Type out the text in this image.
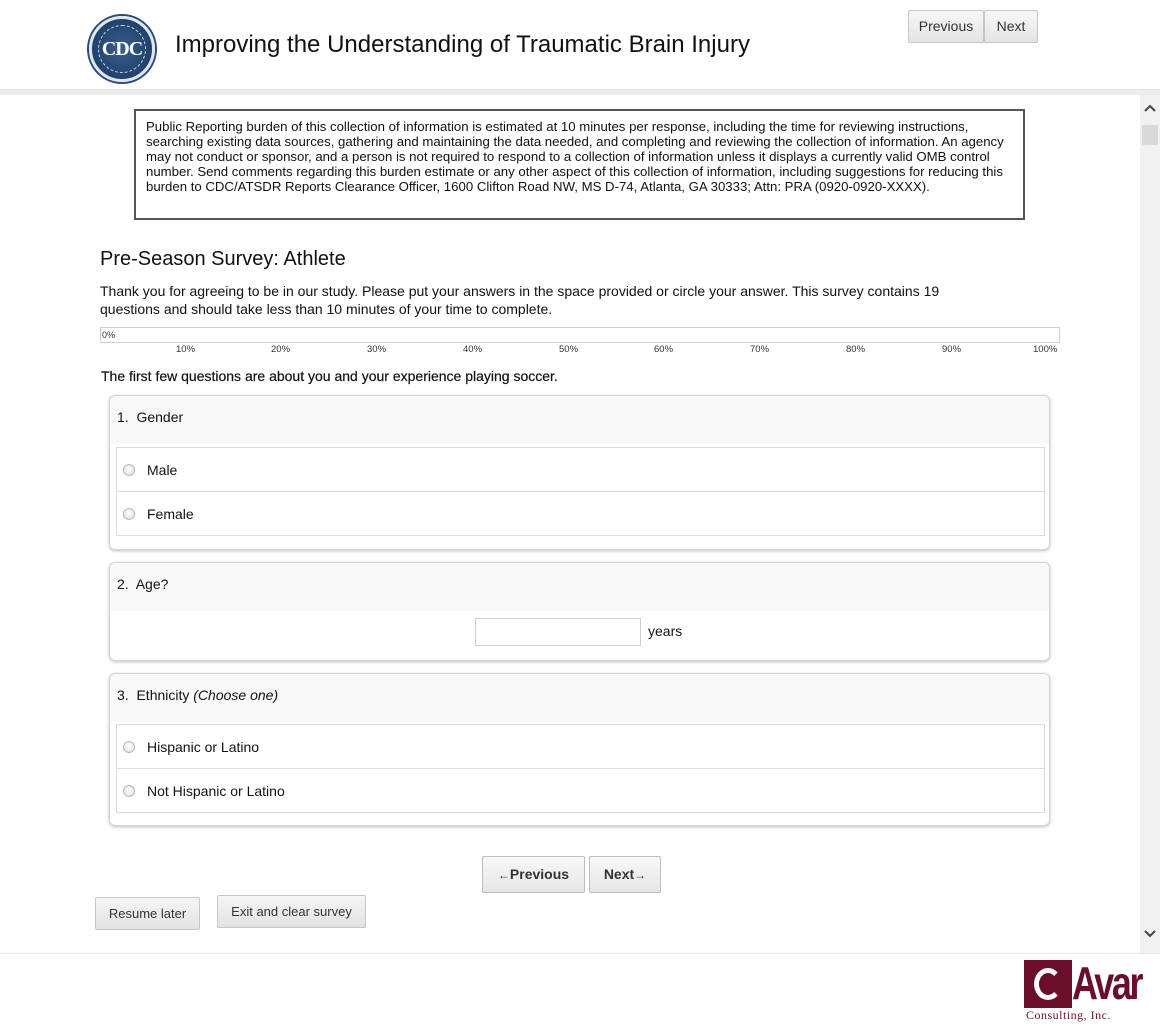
CDC	Improving the Understanding of Traumatic Brain Injury
Previous	Next
Public Reporting burden of this collection of information is estimated at 10 minutes per response, including the time for reviewing instructions, searching existing data sources, gathering and maintaining the data needed, and completing and reviewing the collection of information. An agency may not conduct or sponsor, and a person is not required to respond to a collection of information unless it displays a currently valid OMB control number. Send comments regarding this burden estimate or any other aspect of this collection of information, including suggestions for reducing this burden to CDC/ATSDR Reports Clearance Officer, 1600 Clifton Road NW, MS D-74, Atlanta, GA 30333; Attn: PRA (0920-0920-XXXX).
Pre-Season Survey: Athlete
Thank you for agreeing to be in our study. Please put your answers in the space provided or circle your answer. This survey contains 19 questions and should take less than 10 minutes of your time to complete.
0%
10%	20%	30%	40%	50%	60%	70%	80%	90%	100%
The first few questions are about you and your experience playing soccer.
1. Gender
Male
Female
2. Age?
years
3. Ethnicity (Choose one)
Hispanic or Latino
Not Hispanic or Latino
←Previous	Next→
Resume later	Exit and clear survey
Avar
Consulting, Inc.
